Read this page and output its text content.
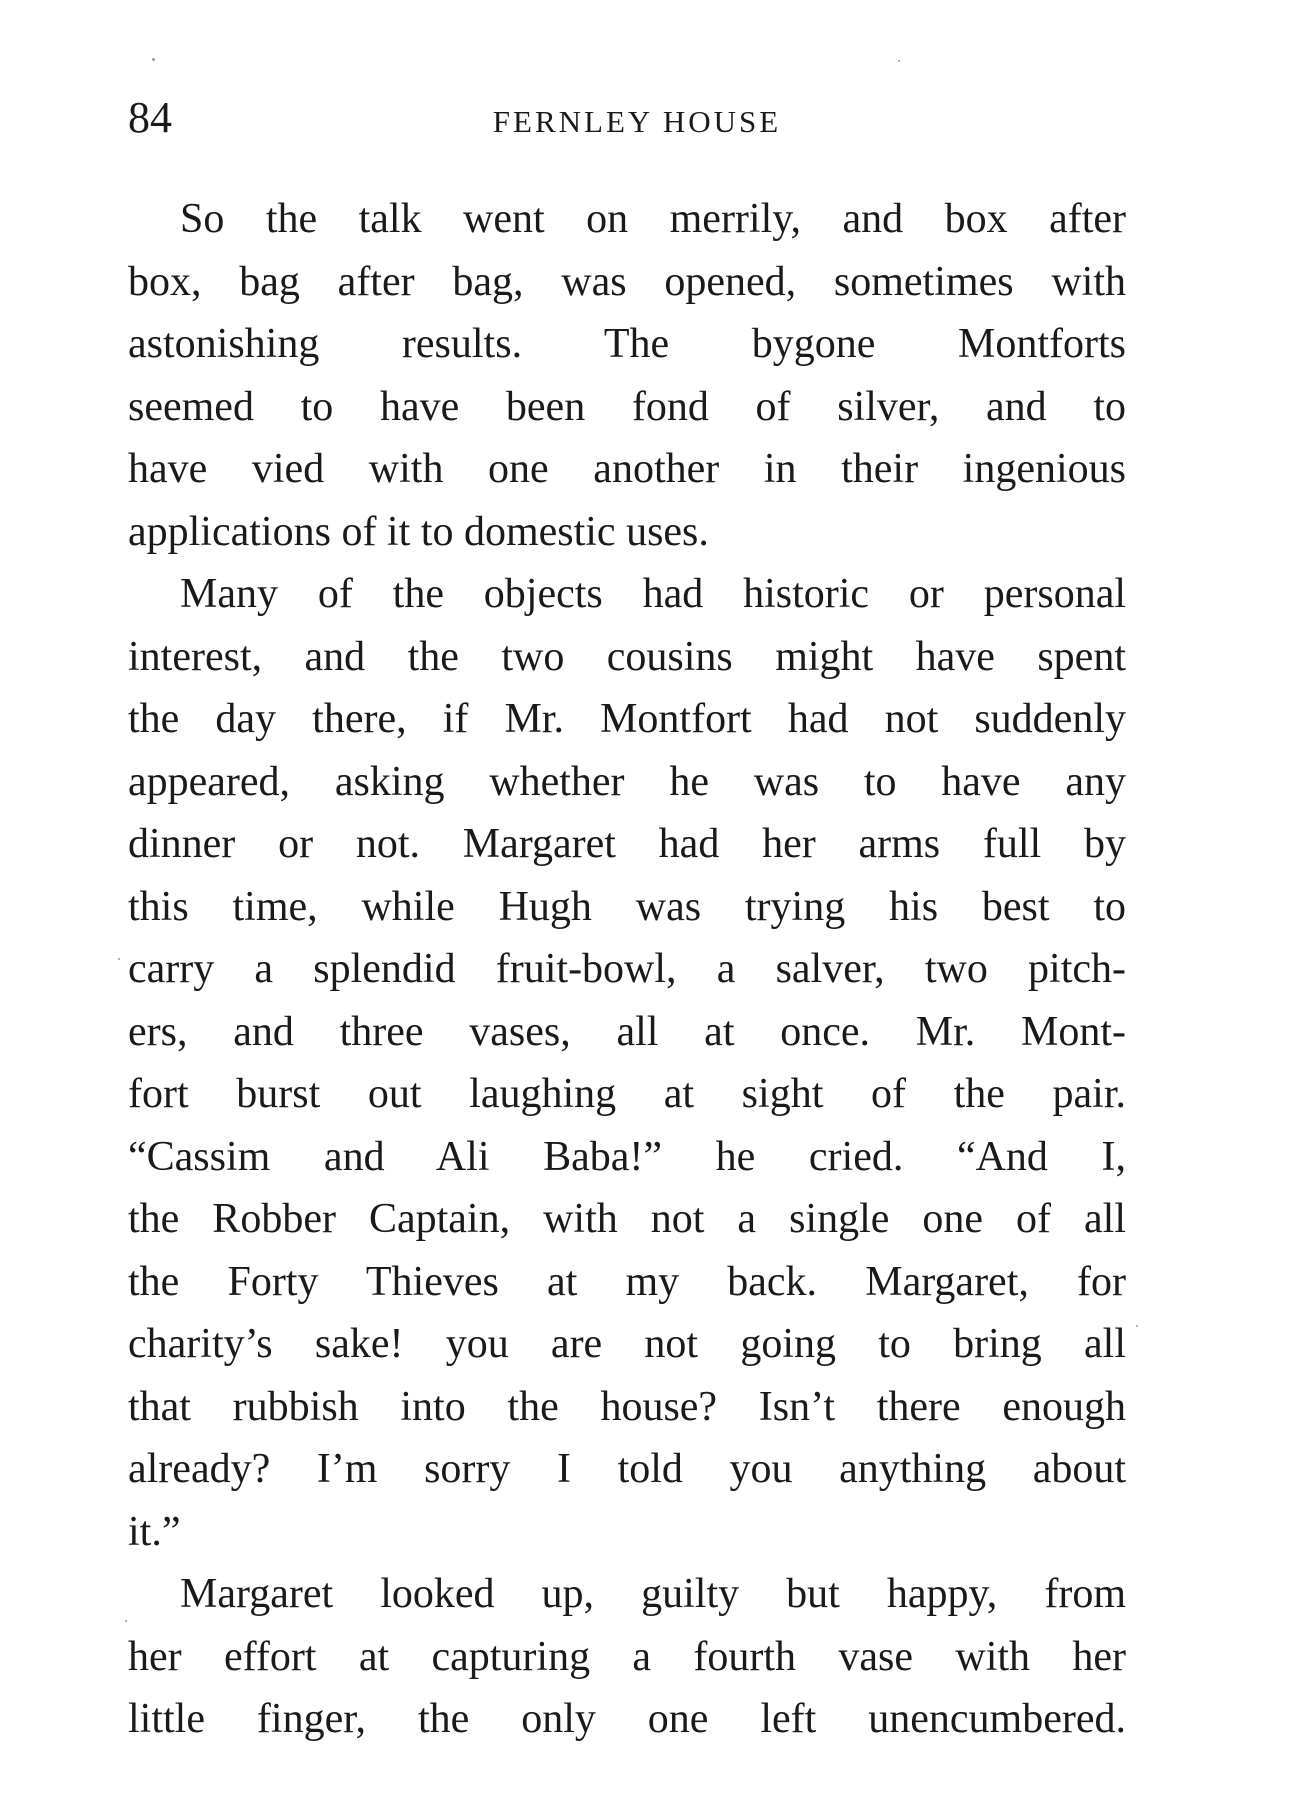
84	FERNLEY HOUSE
So the talk went on merrily, and box after
box, bag after bag, was opened, sometimes with
astonishing results. The bygone Montforts
seemed to have been fond of silver, and to
have vied with one another in their ingenious
applications of it to domestic uses.
Many of the objects had historic or personal
interest, and the two cousins might have spent
the day there, if Mr. Montfort had not suddenly
appeared, asking whether he was to have any
dinner or not. Margaret had her arms full by
this time, while Hugh was trying his best to
carry a splendid fruit-bowl, a salver, two pitch-
ers, and three vases, all at once. Mr. Mont-
fort burst out laughing at sight of the pair.
“Cassim and Ali Baba!” he cried. “And I,
the Robber Captain, with not a single one of all
the Forty Thieves at my back. Margaret, for
charity’s sake! you are not going to bring all
that rubbish into the house? Isn’t there enough
already? I’m sorry I told you anything about
it.”
Margaret looked up, guilty but happy, from
her effort at capturing a fourth vase with her
little finger, the only one left unencumbered.
